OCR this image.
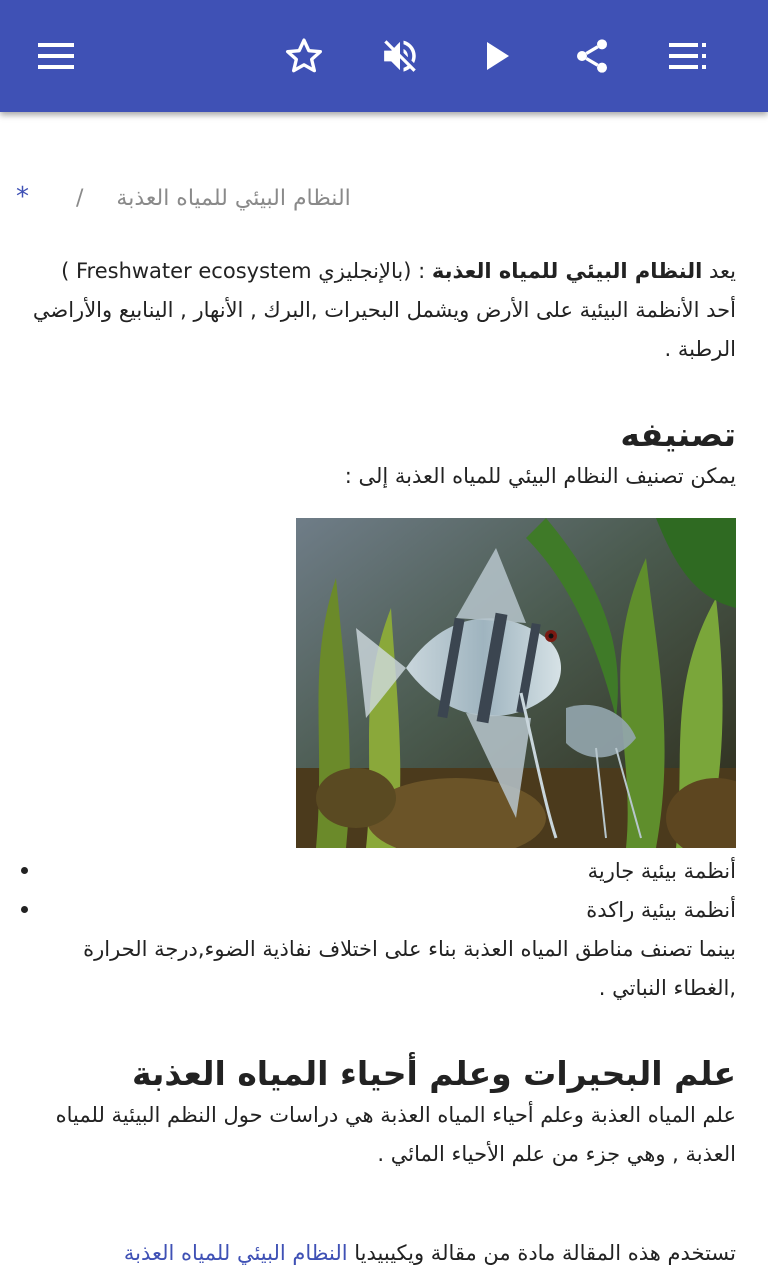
النظام البيئي للمياه العذبة / *

يعد النظام البيئي للمياه العذبة : (بالإنجليزي Freshwater ecosystem ) أحد الأنظمة البيئية على الأرض ويشمل البحيرات ,البرك , الأنهار , الينابيع والأراضي الرطبة .

تصنيفه

يمكن تصنيف النظام البيئي للمياه العذبة إلى :

أنظمة بيئية جارية
أنظمة بيئية راكدة

بينما تصنف مناطق المياه العذبة بناء على اختلاف نفاذية الضوء,درجة الحرارة ,الغطاء النباتي .

علم البحيرات وعلم أحياء المياه العذبة

علم المياه العذبة وعلم أحياء المياه العذبة هي دراسات حول النظم البيئية للمياه العذبة , وهي جزء من علم الأحياء المائي .

تستخدم هذه المقالة مادة من مقالة ويكيبيديا النظام البيئي للمياه العذبة
